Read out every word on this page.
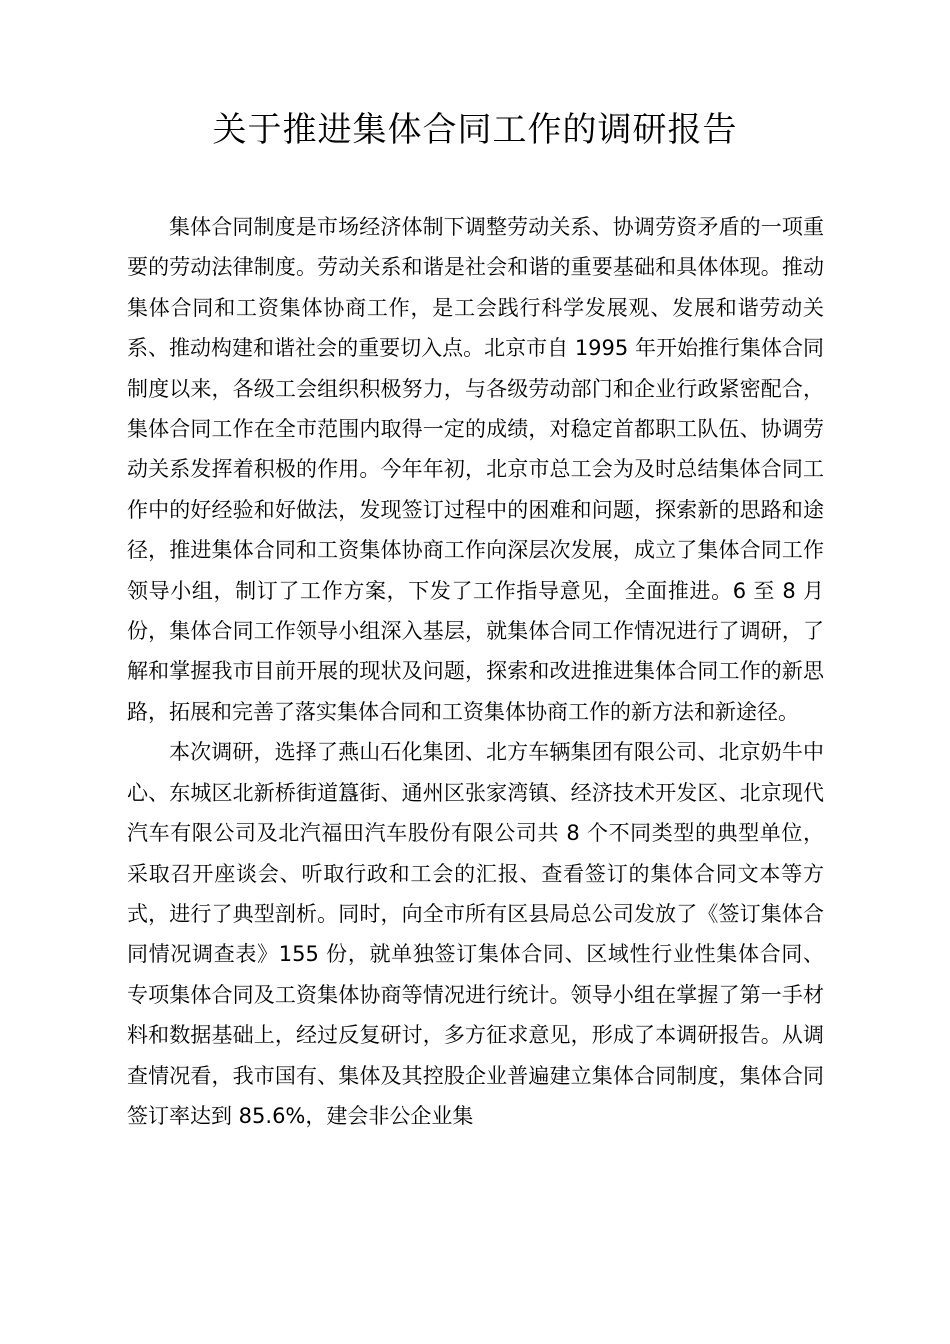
关于推进集体合同工作的调研报告

集体合同制度是市场经济体制下调整劳动关系、协调劳资矛盾的一项重要的劳动法律制度。劳动关系和谐是社会和谐的重要基础和具体体现。推动集体合同和工资集体协商工作，是工会践行科学发展观、发展和谐劳动关系、推动构建和谐社会的重要切入点。北京市自 1995 年开始推行集体合同制度以来，各级工会组织积极努力，与各级劳动部门和企业行政紧密配合，集体合同工作在全市范围内取得一定的成绩，对稳定首都职工队伍、协调劳动关系发挥着积极的作用。今年年初，北京市总工会为及时总结集体合同工作中的好经验和好做法，发现签订过程中的困难和问题，探索新的思路和途径，推进集体合同和工资集体协商工作向深层次发展，成立了集体合同工作领导小组，制订了工作方案，下发了工作指导意见，全面推进。6 至 8 月份，集体合同工作领导小组深入基层，就集体合同工作情况进行了调研，了解和掌握我市目前开展的现状及问题，探索和改进推进集体合同工作的新思路，拓展和完善了落实集体合同和工资集体协商工作的新方法和新途径。

本次调研，选择了燕山石化集团、北方车辆集团有限公司、北京奶牛中心、东城区北新桥街道簋街、通州区张家湾镇、经济技术开发区、北京现代汽车有限公司及北汽福田汽车股份有限公司共 8 个不同类型的典型单位，采取召开座谈会、听取行政和工会的汇报、查看签订的集体合同文本等方式，进行了典型剖析。同时，向全市所有区县局总公司发放了《签订集体合同情况调查表》155 份，就单独签订集体合同、区域性行业性集体合同、专项集体合同及工资集体协商等情况进行统计。领导小组在掌握了第一手材料和数据基础上，经过反复研讨，多方征求意见，形成了本调研报告。从调查情况看，我市国有、集体及其控股企业普遍建立集体合同制度，集体合同签订率达到 85.6%，建会非公企业集
